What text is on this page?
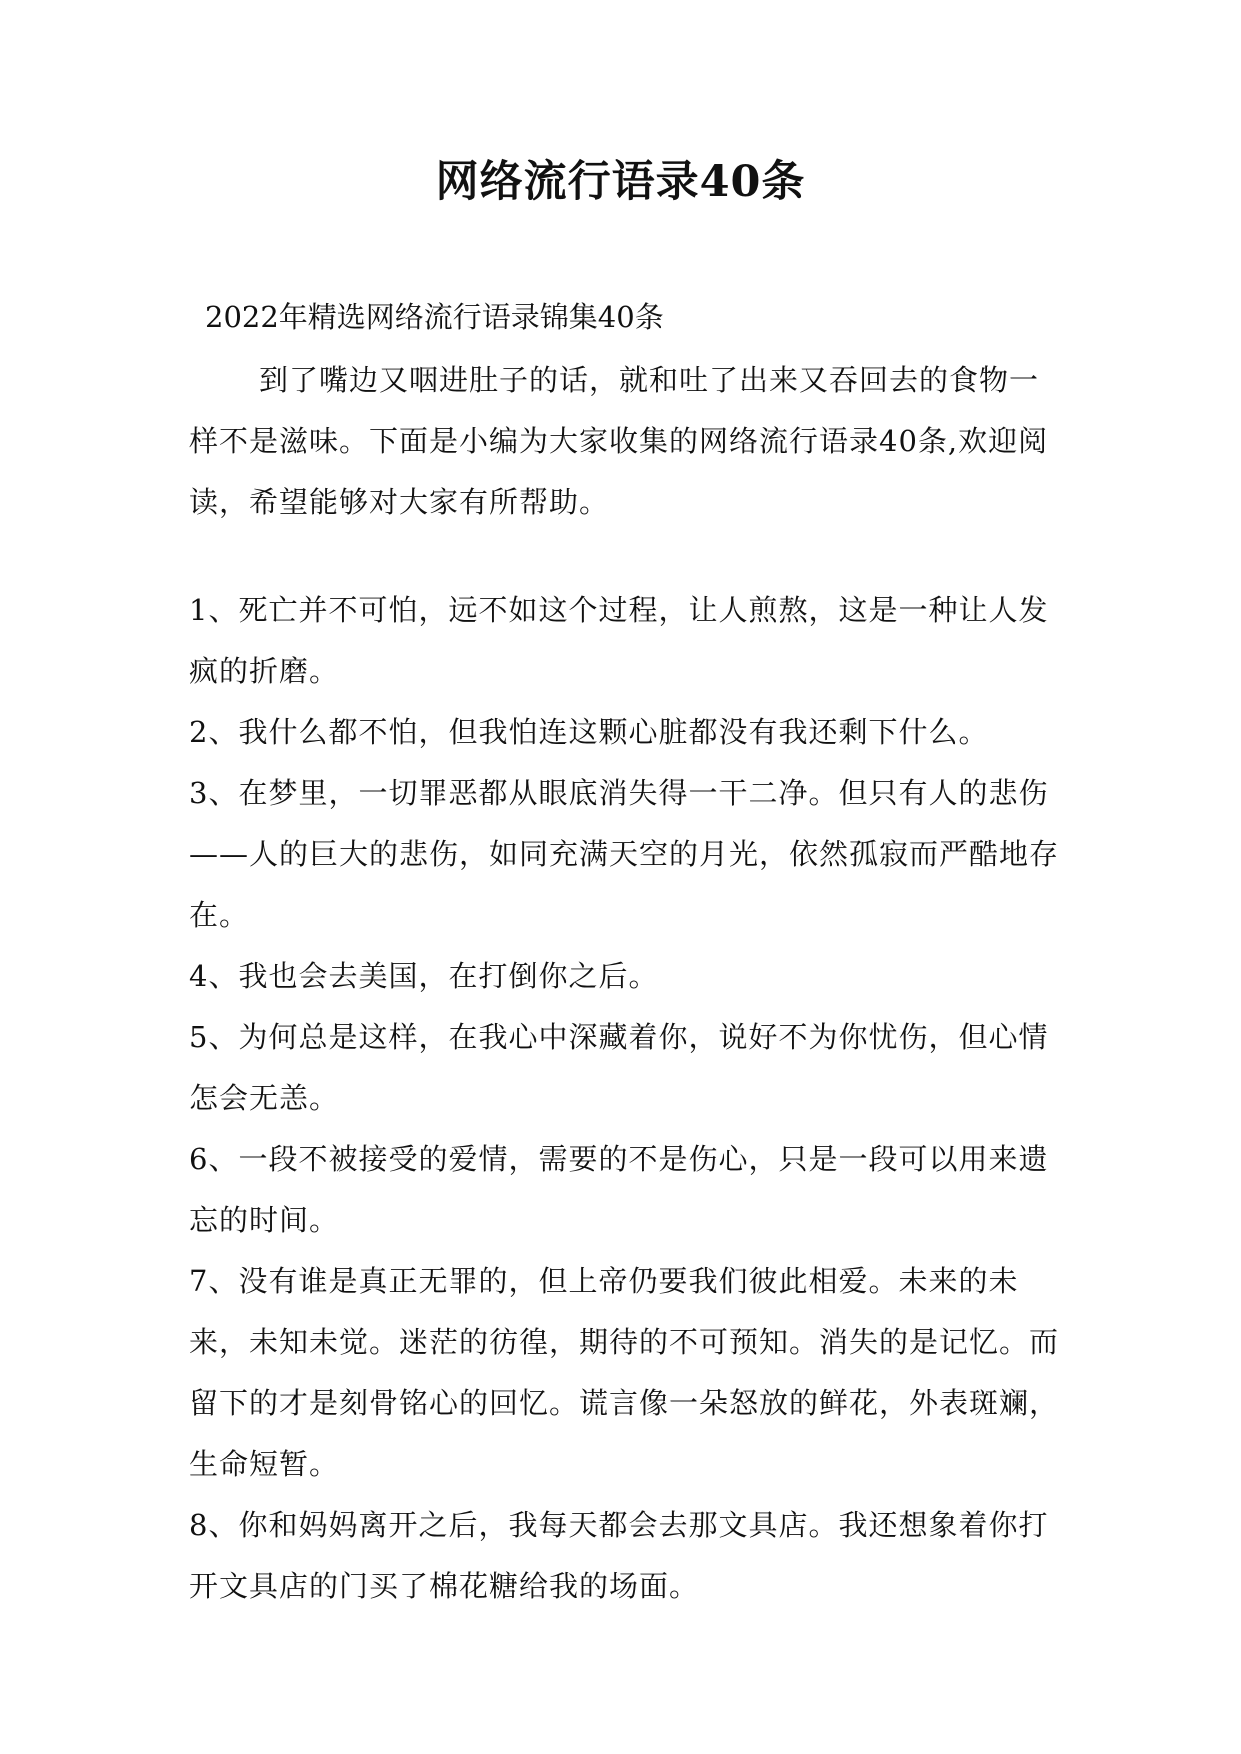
网络流行语录40条
2022年精选网络流行语录锦集40条

到了嘴边又咽进肚子的话，就和吐了出来又吞回去的食物一样不是滋味。下面是小编为大家收集的网络流行语录40条,欢迎阅读，希望能够对大家有所帮助。

1、死亡并不可怕，远不如这个过程，让人煎熬，这是一种让人发疯的折磨。
2、我什么都不怕，但我怕连这颗心脏都没有我还剩下什么。
3、在梦里，一切罪恶都从眼底消失得一干二净。但只有人的悲伤——人的巨大的悲伤，如同充满天空的月光，依然孤寂而严酷地存在。
4、我也会去美国，在打倒你之后。
5、为何总是这样，在我心中深藏着你，说好不为你忧伤，但心情怎会无恙。
6、一段不被接受的爱情，需要的不是伤心，只是一段可以用来遗忘的时间。
7、没有谁是真正无罪的，但上帝仍要我们彼此相爱。未来的未来，未知未觉。迷茫的彷徨，期待的不可预知。消失的是记忆。而留下的才是刻骨铭心的回忆。谎言像一朵怒放的鲜花，外表斑斓，生命短暂。
8、你和妈妈离开之后，我每天都会去那文具店。我还想象着你打开文具店的门买了棉花糖给我的场面。
